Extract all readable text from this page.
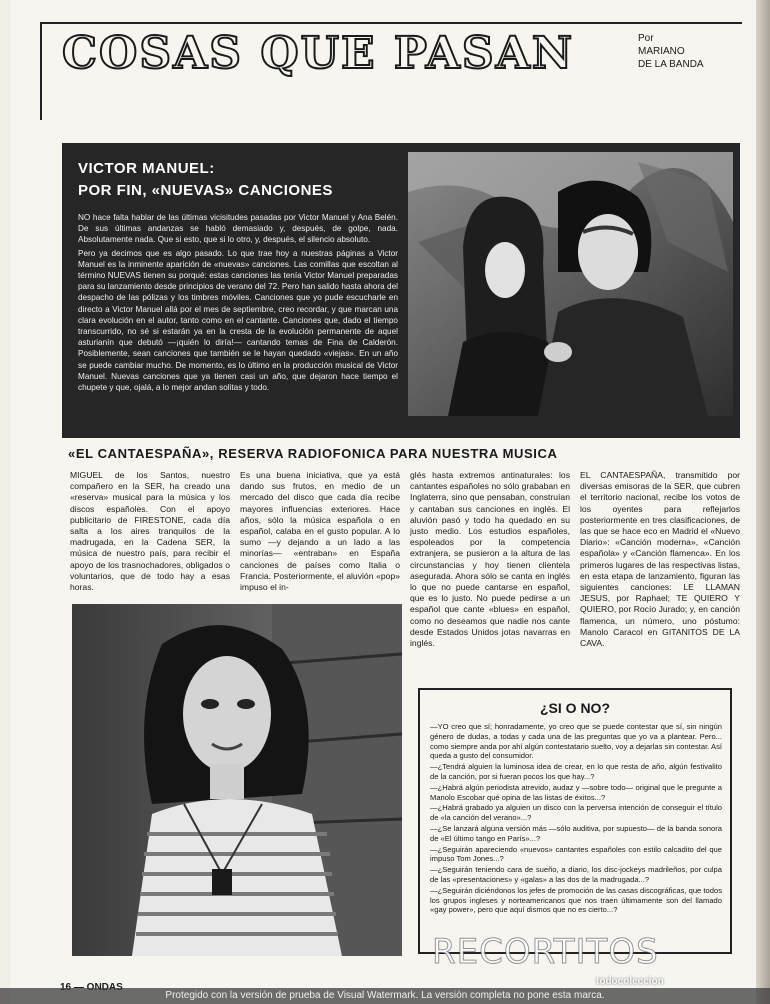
COSAS QUE PASAN	Por
MARIANO
DE LA BANDA
VICTOR MANUEL:
POR FIN, «NUEVAS» CANCIONES

NO hace falta hablar de las últimas vicisitudes pasadas por Victor Manuel y Ana Belén. De sus últimas andanzas se habló demasiado y, después, de golpe, nada. Absolutamente nada. Que si esto, que si lo otro, y, después, el silencio absoluto.

Pero ya decimos que es algo pasado. Lo que trae hoy a nuestras páginas a Victor Manuel es la inminente aparición de «nuevas» canciones. Las comillas que escoltan al término NUEVAS tienen su porqué: estas canciones las tenía Victor Manuel preparadas para su lanzamiento desde principios de verano del 72. Pero han salido hasta ahora del despacho de las pólizas y los timbres móviles. Canciones que yo pude escucharle en directo a Victor Manuel allá por el mes de septiembre, creo recordar, y que marcan una clara evolución en el autor, tanto como en el cantante. Canciones que, dado el tiempo transcurrido, no sé si estarán ya en la cresta de la evolución permanente de aquel asturianín que debutó —¡quién lo diría!— cantando temas de Fina de Calderón. Posiblemente, sean canciones que también se le hayan quedado «viejas». En un año se puede cambiar mucho. De momento, es lo último en la producción musical de Victor Manuel. Nuevas canciones que ya tienen casi un año, que dejaron hace tiempo el chupete y que, ojalá, a lo mejor andan solitas y todo.

«EL CANTAESPAÑA», RESERVA RADIOFONICA PARA NUESTRA MUSICA

MIGUEL de los Santos, nuestro compañero en la SER, ha creado una «reserva» musical para la música y los discos españoles. Con el apoyo publicitario de FIRESTONE, cada día salta a los aires tranquilos de la madrugada, en la Cadena SER, la música de nuestro país, para recibir el apoyo de los trasnochadores, obligados o voluntarios, que de todo hay a esas horas.

Es una buena iniciativa, que ya está dando sus frutos, en medio de un mercado del disco que cada día recibe mayores influencias exteriores. Hace años, sólo la música española o en español, calaba en el gusto popular. A lo sumo —y dejando a un lado a las minorías— «entraban» en España canciones de países como Italia o Francia. Posteriormente, el aluvión «pop» impuso el in-

glés hasta extremos antinaturales: los cantantes españoles no sólo grababan en Inglaterra, sino que pensaban, construían y cantaban sus canciones en inglés. El aluvión pasó y todo ha quedado en su justo medio. Los estudios españoles, espoleados por la competencia extranjera, se pusieron a la altura de las circunstancias y hoy tienen clientela asegurada. Ahora sólo se canta en inglés lo que no puede cantarse en español, que es lo justo. No puede pedirse a un español que cante «blues» en español, como no deseamos que nadie nos cante desde Estados Unidos jotas navarras en inglés.

EL CANTAESPAÑA, transmitido por diversas emisoras de la SER, que cubren el territorio nacional, recibe los votos de los oyentes para reflejarlos posteriormente en tres clasificaciones, de las que se hace eco en Madrid el «Nuevo Diario»: «Canción moderna», «Canción española» y «Canción flamenca». En los primeros lugares de las respectivas listas, en esta etapa de lanzamiento, figuran las siguientes canciones: LE LLAMAN JESUS, por Raphael; TE QUIERO Y QUIERO, por Rocío Jurado; y, en canción flamenca, un número, uno póstumo: Manolo Caracol en GITANITOS DE LA CAVA.

¿SI O NO?

—YO creo que sí; honradamente, yo creo que se puede contestar que sí, sin ningún género de dudas, a todas y cada una de las preguntas que yo va a plantear. Pero... como siempre anda por ahí algún contestatario suelto, voy a dejarlas sin contestar. Así queda a gusto del consumidor.

—¿Tendrá alguien la luminosa idea de crear, en lo que resta de año, algún festivalito de la canción, por si fueran pocos los que hay...?

—¿Habrá algún periodista atrevido, audaz y —sobre todo— original que le pregunte a Manolo Escobar qué opina de las listas de éxitos...?

—¿Habrá grabado ya alguien un disco con la perversa intención de conseguir el título de «la canción del verano»...?

—¿Se lanzará alguna versión más —sólo auditiva, por supuesto— de la banda sonora de «El último tango en París»...?

—¿Seguirán apareciendo «nuevos» cantantes españoles con estilo calcadito del que impuso Tom Jones...?

—¿Seguirán teniendo cara de sueño, a diario, los disc-jockeys madrileños, por culpa de las «presentaciones» y «galas» a las dos de la madrugada...?

—¿Seguirán diciéndonos los jefes de promoción de las casas discográficas, que todos los grupos ingleses y norteamericanos que nos traen últimamente son del llamado «gay power», pero que aquí dismos que no es cierto...?

RECORTITOS
todocoleccion
Protegido con la versión de prueba de Visual Watermark. La versión completa no pone esta marca.
